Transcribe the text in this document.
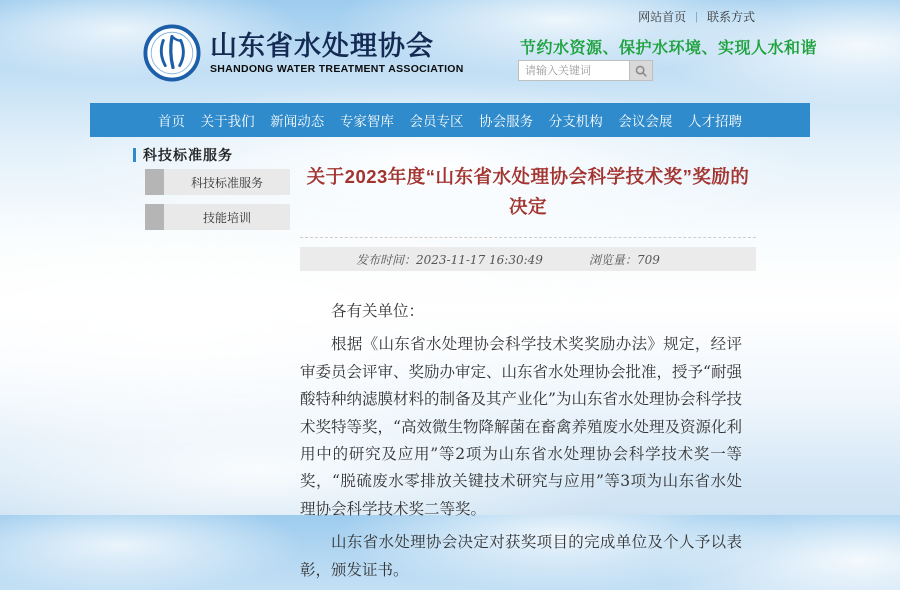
网站首页 | 联系方式
山东省水处理协会
SHANDONG WATER TREATMENT ASSOCIATION
节约水资源、保护水环境、实现人水和谐
请输入关键词
首页 关于我们 新闻动态 专家智库 会员专区 协会服务 分支机构 会议会展 人才招聘
科技标准服务
科技标准服务
技能培训
关于2023年度“山东省水处理协会科学技术奖”奖励的决定
发布时间：2023-11-17 16:30:49	浏览量：709

各有关单位：

根据《山东省水处理协会科学技术奖奖励办法》规定，经评审委员会评审、奖励办审定、山东省水处理协会批准，授予“耐强酸特种纳滤膜材料的制备及其产业化”为山东省水处理协会科学技术奖特等奖，“高效微生物降解菌在畜禽养殖废水处理及资源化利用中的研究及应用”等2项为山东省水处理协会科学技术奖一等奖，“脱硫废水零排放关键技术研究与应用”等3项为山东省水处理协会科学技术奖二等奖。

山东省水处理协会决定对获奖项目的完成单位及个人予以表彰，颁发证书。
